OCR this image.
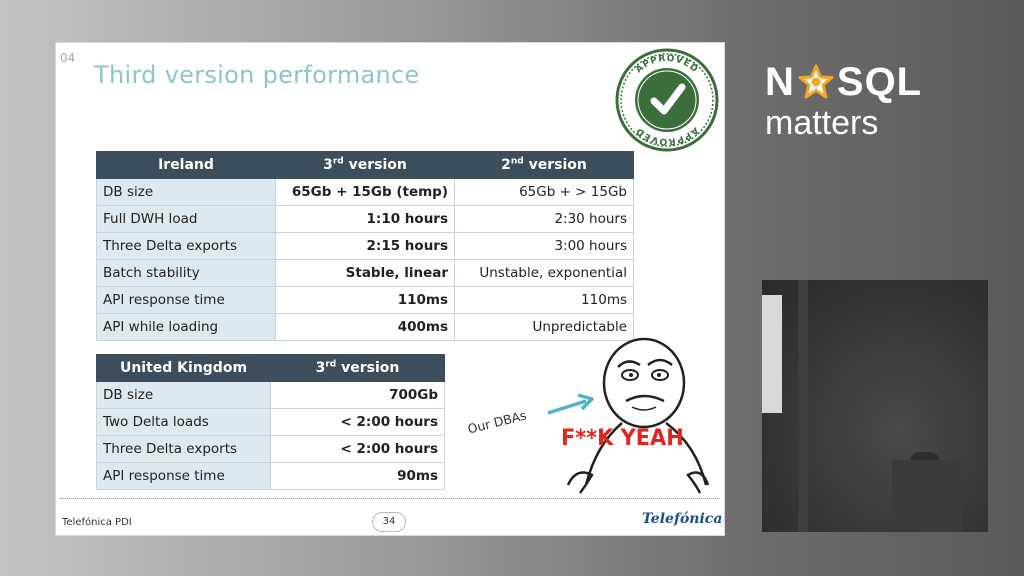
04
Third version performance	APPROVED
APPROVED
Ireland	3rd version	2nd version
DB size	65Gb + 15Gb (temp)	65Gb + > 15Gb
Full DWH load	1:10 hours	2:30 hours
Three Delta exports	2:15 hours	3:00 hours
Batch stability	Stable, linear	Unstable, exponential
API response time	110ms	110ms
API while loading	400ms	Unpredictable
United Kingdom	3rd version
DB size	700Gb
Two Delta loads	< 2:00 hours
Three Delta exports	< 2:00 hours
API response time	90ms
Our DBAs
F**K YEAH
Telefónica PDI	34	Telefónica
N SQL
matters
